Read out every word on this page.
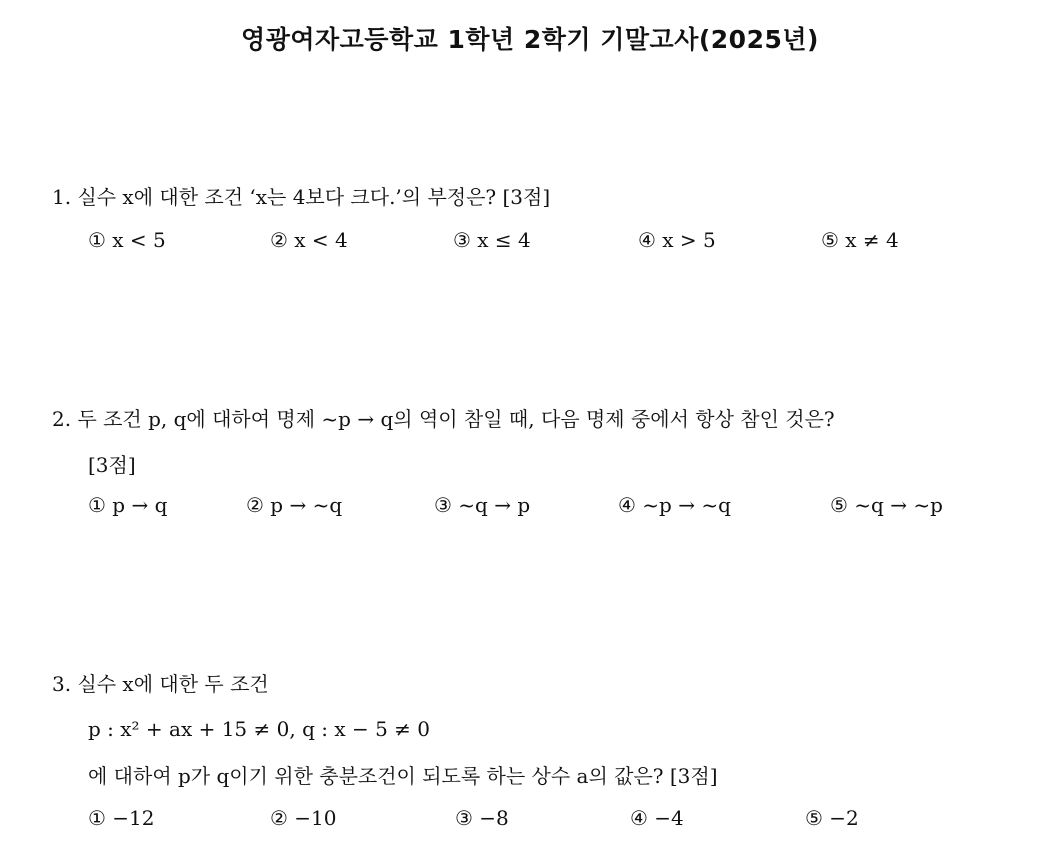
영광여자고등학교 1학년 2학기 기말고사(2025년)
1. 실수 x에 대한 조건 ‘x는 4보다 크다.’의 부정은? [3점]
① x < 5	② x < 4	③ x ≤ 4	④ x > 5	⑤ x ≠ 4
2. 두 조건 p, q에 대하여 명제 ~p → q의 역이 참일 때, 다음 명제 중에서 항상 참인 것은?
[3점]
① p → q	② p → ~q	③ ~q → p	④ ~p → ~q	⑤ ~q → ~p
3. 실수 x에 대한 두 조건
p : x² + ax + 15 ≠ 0, q : x − 5 ≠ 0
에 대하여 p가 q이기 위한 충분조건이 되도록 하는 상수 a의 값은? [3점]
① −12	② −10	③ −8	④ −4	⑤ −2
